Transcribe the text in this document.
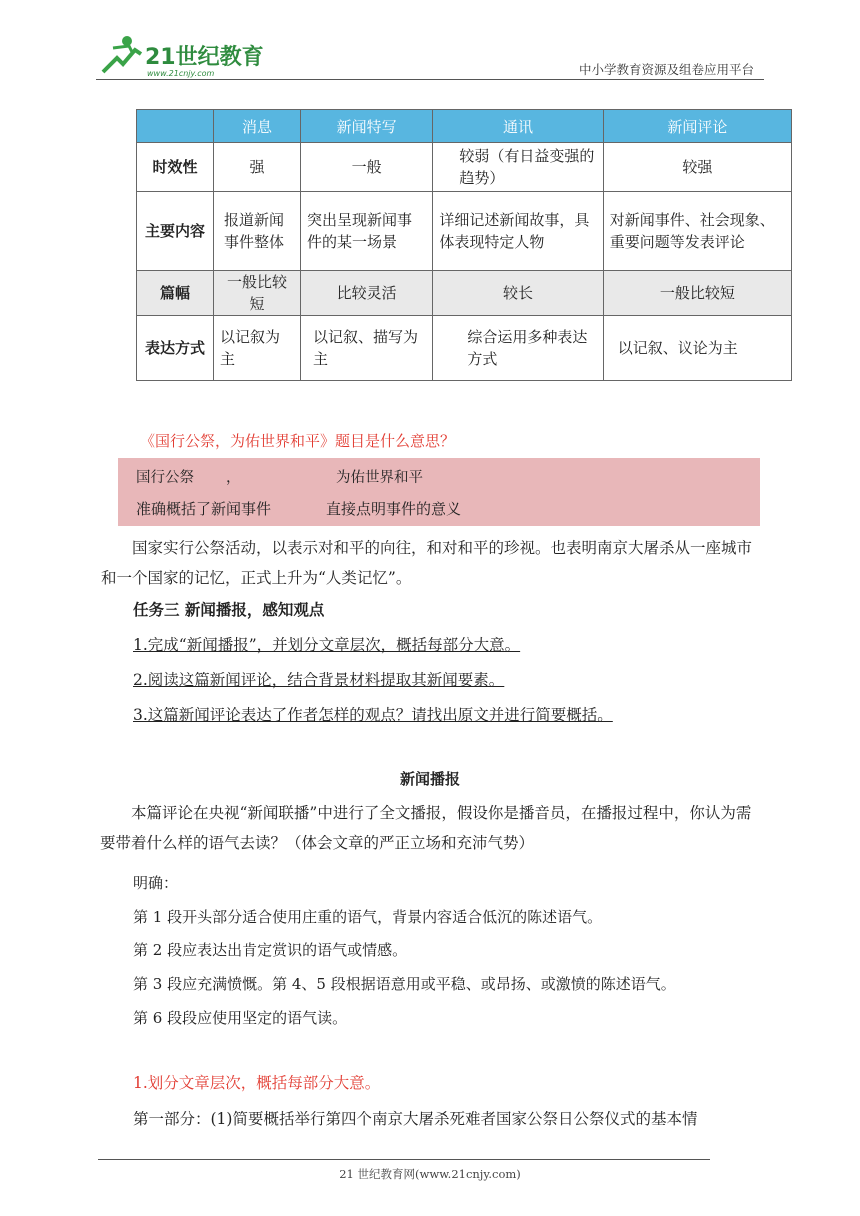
21世纪教育
www.21cnjy.com	中小学教育资源及组卷应用平台
	消息	新闻特写	通讯	新闻评论
时效性	强	一般	较弱（有日益变强的趋势）	较强
主要内容	报道新闻事件整体	突出呈现新闻事件的某一场景	详细记述新闻故事，具体表现特定人物	对新闻事件、社会现象、重要问题等发表评论
篇幅	一般比较短	比较灵活	较长	一般比较短
表达方式	以记叙为主	以记叙、描写为主	综合运用多种表达方式	以记叙、议论为主
《国行公祭，为佑世界和平》题目是什么意思？
国行公祭 ，	为佑世界和平
准确概括了新闻事件	直接点明事件的意义
国家实行公祭活动，以表示对和平的向往，和对和平的珍视。也表明南京大屠杀从一座城市和一个国家的记忆，正式上升为“人类记忆”。
任务三 新闻播报，感知观点
1.完成“新闻播报”，并划分文章层次，概括每部分大意。
2.阅读这篇新闻评论，结合背景材料提取其新闻要素。
3.这篇新闻评论表达了作者怎样的观点？请找出原文并进行简要概括。
新闻播报
本篇评论在央视“新闻联播”中进行了全文播报，假设你是播音员，在播报过程中，你认为需要带着什么样的语气去读？（体会文章的严正立场和充沛气势）
明确：
第 1 段开头部分适合使用庄重的语气，背景内容适合低沉的陈述语气。
第 2 段应表达出肯定赏识的语气或情感。
第 3 段应充满愤慨。第 4、5 段根据语意用或平稳、或昂扬、或激愤的陈述语气。
第 6 段段应使用坚定的语气读。
1.划分文章层次，概括每部分大意。
第一部分：(1)简要概括举行第四个南京大屠杀死难者国家公祭日公祭仪式的基本情
21 世纪教育网(www.21cnjy.com)
